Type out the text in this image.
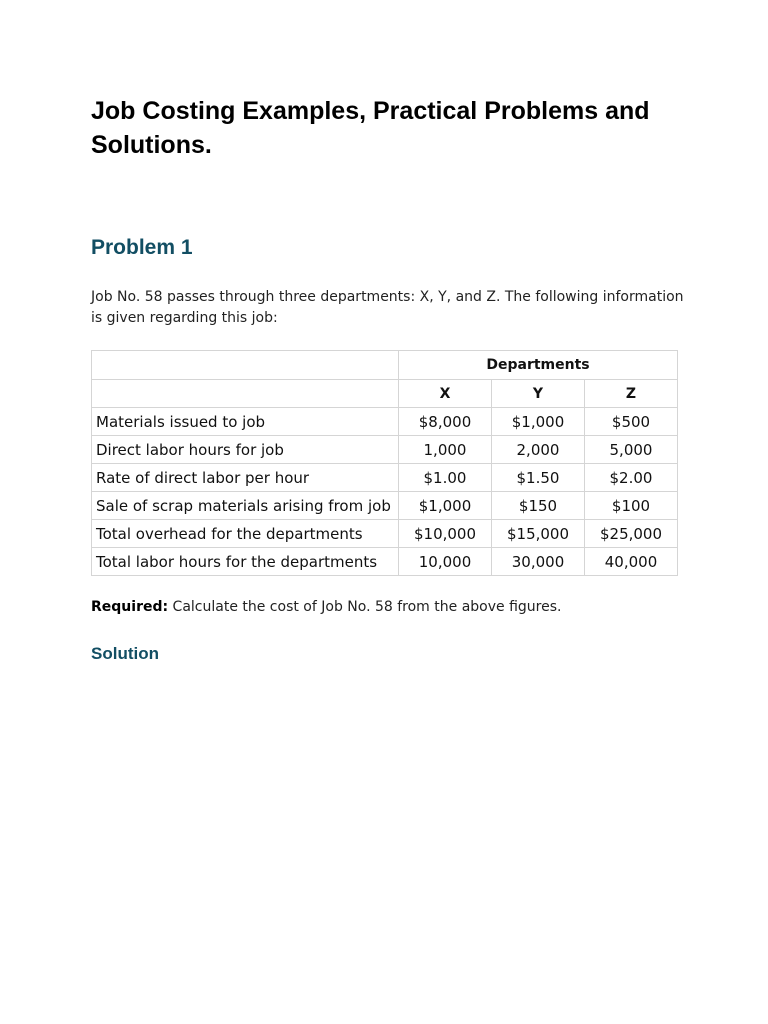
Job Costing Examples, Practical Problems and Solutions.
Problem 1

Job No. 58 passes through three departments: X, Y, and Z. The following information is given regarding this job:

	Departments		
	X	Y	Z
Materials issued to job	$8,000	$1,000	$500
Direct labor hours for job	1,000	2,000	5,000
Rate of direct labor per hour	$1.00	$1.50	$2.00
Sale of scrap materials arising from job	$1,000	$150	$100
Total overhead for the departments	$10,000	$15,000	$25,000
Total labor hours for the departments	10,000	30,000	40,000

Required: Calculate the cost of Job No. 58 from the above figures.

Solution
